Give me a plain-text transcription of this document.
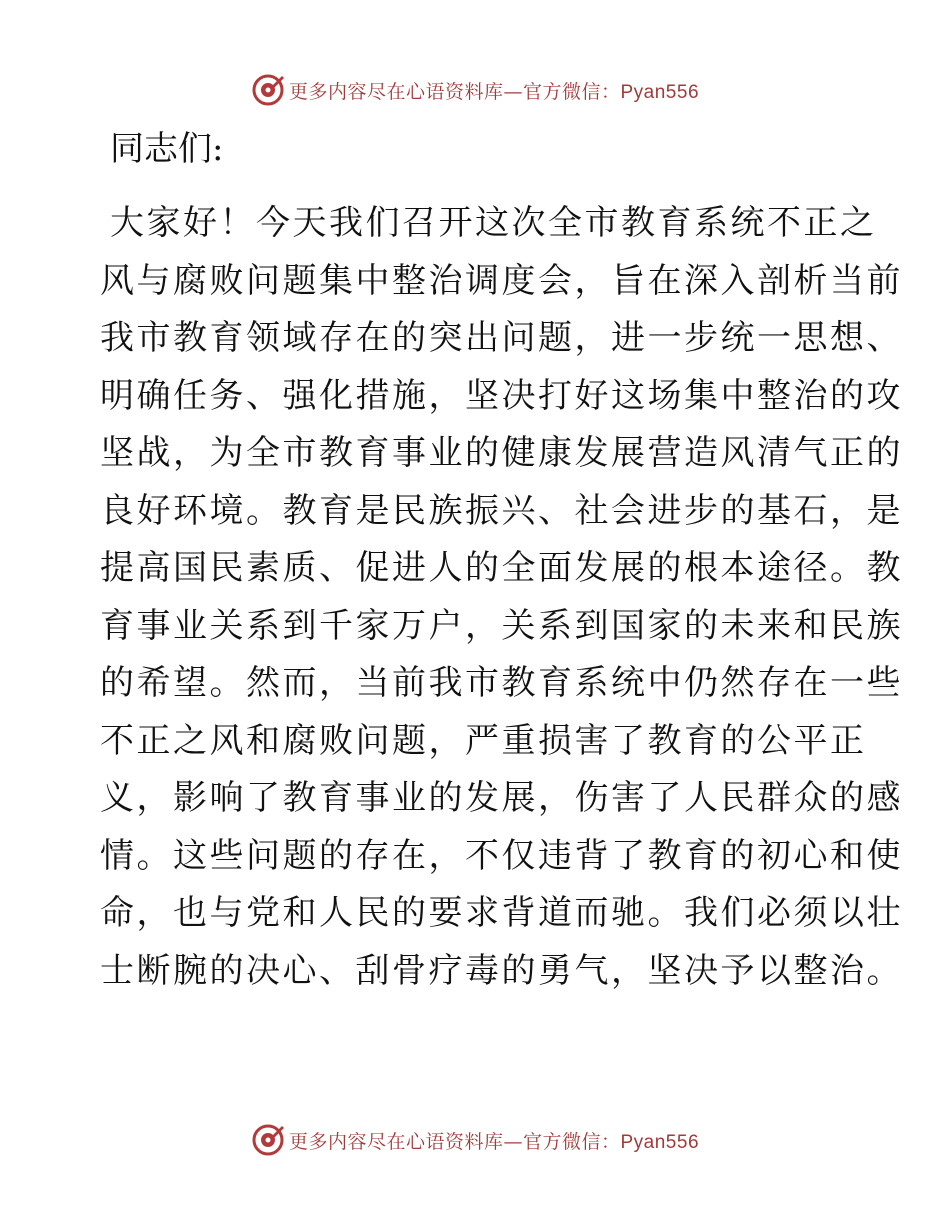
更多内容尽在心语资料库—官方微信：Pyan556
同志们:
大家好！今天我们召开这次全市教育系统不正之
风与腐败问题集中整治调度会，旨在深入剖析当前
我市教育领域存在的突出问题，进一步统一思想、
明确任务、强化措施，坚决打好这场集中整治的攻
坚战，为全市教育事业的健康发展营造风清气正的
良好环境。教育是民族振兴、社会进步的基石，是
提高国民素质、促进人的全面发展的根本途径。教
育事业关系到千家万户，关系到国家的未来和民族
的希望。然而，当前我市教育系统中仍然存在一些
不正之风和腐败问题，严重损害了教育的公平正
义，影响了教育事业的发展，伤害了人民群众的感
情。这些问题的存在，不仅违背了教育的初心和使
命，也与党和人民的要求背道而驰。我们必须以壮
士断腕的决心、刮骨疗毒的勇气，坚决予以整治。
更多内容尽在心语资料库—官方微信：Pyan556
